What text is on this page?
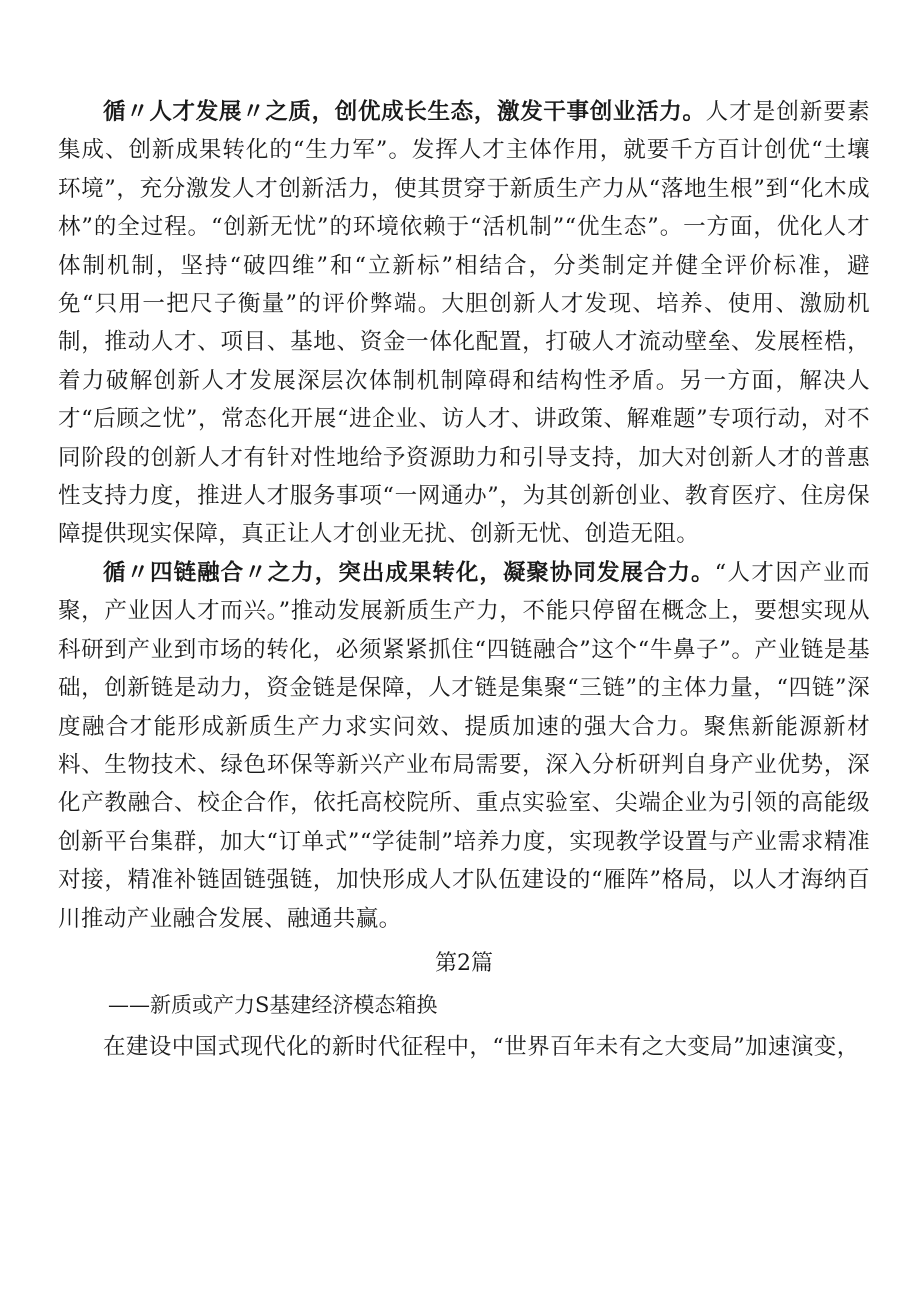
循〃人才发展〃之质，创优成长生态，激发干事创业活力。人才是创新要素集成、创新成果转化的“生力军”。发挥人才主体作用，就要千方百计创优“土壤环境”，充分激发人才创新活力，使其贯穿于新质生产力从“落地生根”到“化木成林”的全过程。“创新无忧”的环境依赖于“活机制”“优生态”。一方面，优化人才体制机制，坚持“破四维”和“立新标”相结合，分类制定并健全评价标准，避免“只用一把尺子衡量”的评价弊端。大胆创新人才发现、培养、使用、激励机制，推动人才、项目、基地、资金一体化配置，打破人才流动壁垒、发展桎梏，着力破解创新人才发展深层次体制机制障碍和结构性矛盾。另一方面，解决人才“后顾之忧”，常态化开展“进企业、访人才、讲政策、解难题”专项行动，对不同阶段的创新人才有针对性地给予资源助力和引导支持，加大对创新人才的普惠性支持力度，推进人才服务事项“一网通办”，为其创新创业、教育医疗、住房保障提供现实保障，真正让人才创业无扰、创新无忧、创造无阻。

循〃四链融合〃之力，突出成果转化，凝聚协同发展合力。“人才因产业而聚，产业因人才而兴。”推动发展新质生产力，不能只停留在概念上，要想实现从科研到产业到市场的转化，必须紧紧抓住“四链融合”这个“牛鼻子”。产业链是基础，创新链是动力，资金链是保障，人才链是集聚“三链”的主体力量，“四链”深度融合才能形成新质生产力求实问效、提质加速的强大合力。聚焦新能源新材料、生物技术、绿色环保等新兴产业布局需要，深入分析研判自身产业优势，深化产教融合、校企合作，依托高校院所、重点实验室、尖端企业为引领的高能级创新平台集群，加大“订单式”“学徒制”培养力度，实现教学设置与产业需求精准对接，精准补链固链强链，加快形成人才队伍建设的“雁阵”格局，以人才海纳百川推动产业融合发展、融通共赢。

第2篇
——新质或产力S基建经济模态箱换

在建设中国式现代化的新时代征程中，“世界百年未有之大变局”加速演变，
